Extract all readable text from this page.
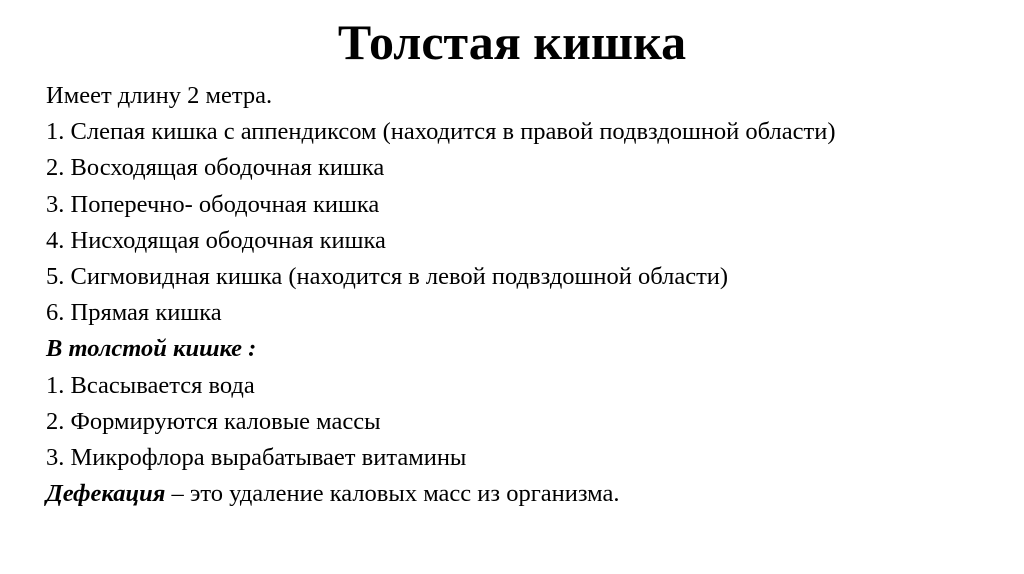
Толстая кишка
Имеет длину 2 метра.
1. Слепая кишка с аппендиксом (находится в правой подвздошной области)
2. Восходящая ободочная кишка
3. Поперечно- ободочная кишка
4. Нисходящая ободочная кишка
5. Сигмовидная кишка (находится в левой подвздошной области)
6. Прямая кишка
В толстой кишке :
1. Всасывается вода
2. Формируются каловые массы
3. Микрофлора вырабатывает витамины
Дефекация – это удаление каловых масс из организма.
